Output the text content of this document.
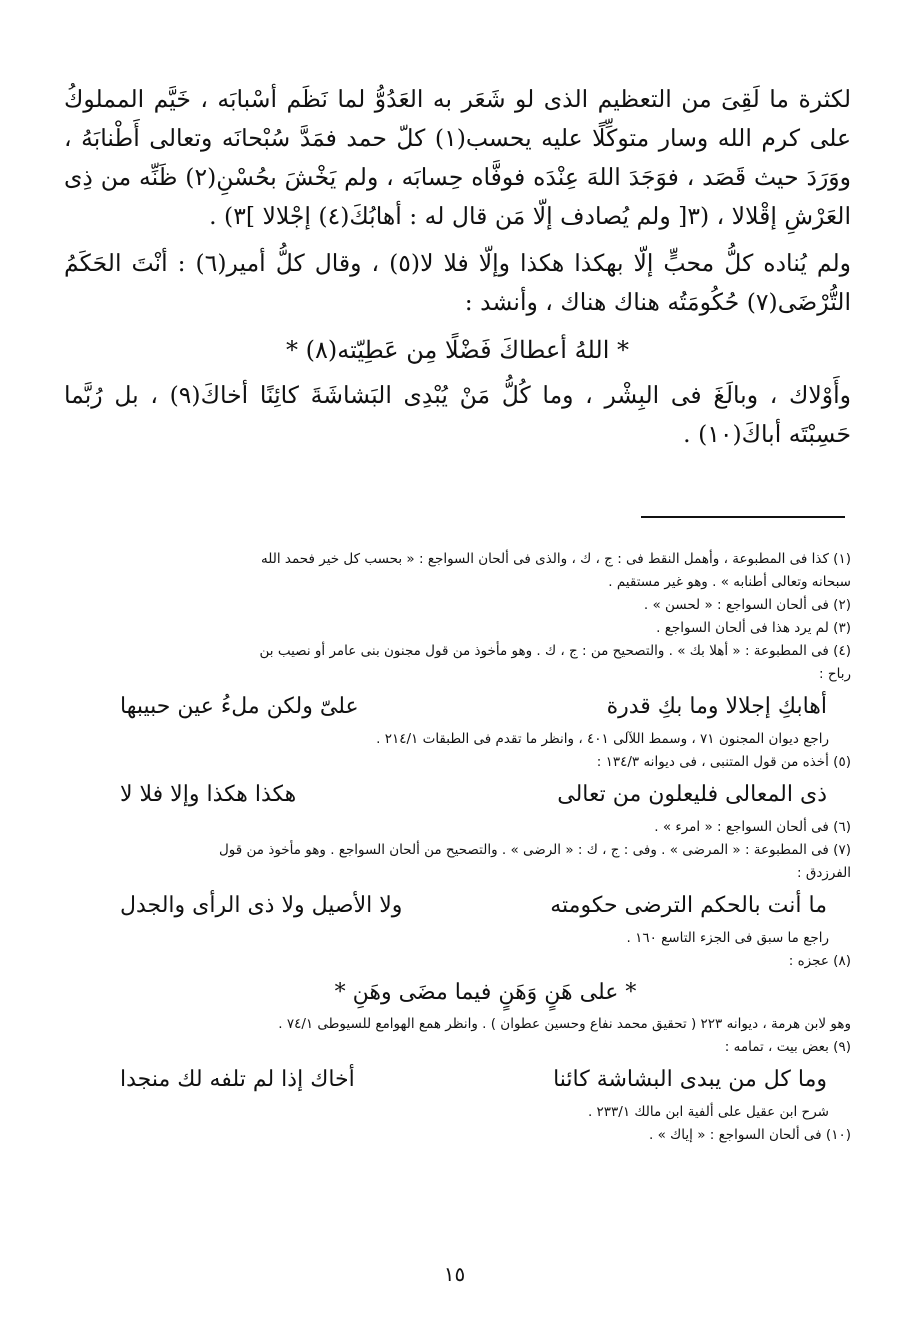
لكثرة ما لَقِىَ من التعظيم الذى لو شَعَر به العَدُوُّ لما نَظَم أسْبابَه ، خَيَّم المملوكُ على كرم الله وسار متوكِّلًا عليه يحسب(١) كلّ حمد فمَدَّ سُبْحانَه وتعالى أَطْنابَهُ ، ووَرَدَ حيث قَصَد ، فوَجَدَ اللهَ عِنْدَه فوفَّاه حِسابَه ، ولم يَخْشَ بحُسْنِ(٢) ظَنِّه من ذِى العَرْشِ إقْلالا ، (٣[ ولم يُصادف إلّا مَن قال له : أهابُكَ(٤) إجْلالا ]٣) .

ولم يُناده كلُّ محبٍّ إلّا بهكذا هكذا وإلّا فلا لا(٥) ، وقال كلُّ أمير(٦) : أنْتَ الحَكَمُ التُّرْضَى(٧) حُكُومَتُه هناك هناك ، وأنشد :

* اللهُ أعطاكَ فَضْلًا مِن عَطِيّته(٨) *

وأَوْلاك ، وبالَغَ فى البِشْر ، وما كُلُّ مَنْ يُبْدِى البَشاشَةَ كائِنًا أخاكَ(٩) ، بل رُبَّما حَسِبْتَه أباكَ(١٠) .

(١) كذا فى المطبوعة ، وأهمل النقط فى : ج ، ك ، والذى فى ألحان السواجع : « بحسب كل خير فحمد الله

سبحانه وتعالى أطنابه » . وهو غير مستقيم .

(٢) فى ألحان السواجع : « لحسن » .

(٣) لم يرد هذا فى ألحان السواجع .

(٤) فى المطبوعة : « أهلا بك » . والتصحيح من : ج ، ك . وهو مأخوذ من قول مجنون بنى عامر أو نصيب بن

رباح :

أهابكِ إجلالا وما بكِ قدرة
علىّ ولكن ملءُ عين حبيبها

راجع ديوان المجنون ٧١ ، وسمط اللآلى ٤٠١ ، وانظر ما تقدم فى الطبقات ٢١٤/١ .

(٥) أخذه من قول المتنبى ، فى ديوانه ١٣٤/٣ :

ذى المعالى فليعلون من تعالى
هكذا هكذا وإلا فلا لا

(٦) فى ألحان السواجع : « امرء » .

(٧) فى المطبوعة : « المرضى » . وفى : ج ، ك : « الرضى » . والتصحيح من ألحان السواجع . وهو مأخوذ من قول

الفرزدق :

ما أنت بالحكم الترضى حكومته
ولا الأصيل ولا ذى الرأى والجدل

راجع ما سبق فى الجزء التاسع ١٦٠ .

(٨) عجزه :

* على هَنٍ وَهَنٍ فيما مضَى وهَنِ *

وهو لابن هرمة ، ديوانه ٢٢٣ ( تحقيق محمد نفاع وحسين عطوان ) . وانظر همع الهوامع للسيوطى ٧٤/١ .

(٩) بعض بيت ، تمامه :

وما كل من يبدى البشاشة كائنا
أخاك إذا لم تلفه لك منجدا

شرح ابن عقيل على ألفية ابن مالك ٢٣٣/١ .

(١٠) فى ألحان السواجع : « إياك » .

١٥
